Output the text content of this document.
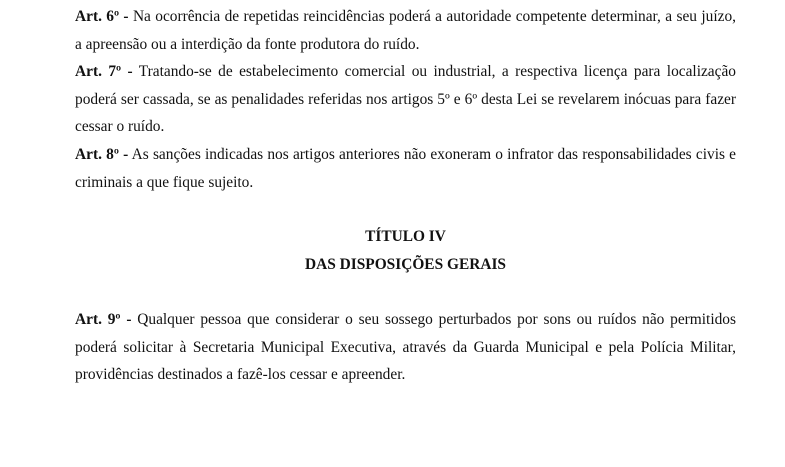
Art. 6º - Na ocorrência de repetidas reincidências poderá a autoridade competente determinar, a seu juízo, a apreensão ou a interdição da fonte produtora do ruído.

Art. 7º - Tratando-se de estabelecimento comercial ou industrial, a respectiva licença para localização poderá ser cassada, se as penalidades referidas nos artigos 5º e 6º desta Lei se revelarem inócuas para fazer cessar o ruído.

Art. 8º - As sanções indicadas nos artigos anteriores não exoneram o infrator das responsabilidades civis e criminais a que fique sujeito.

TÍTULO IV

DAS DISPOSIÇÕES GERAIS

Art. 9º - Qualquer pessoa que considerar o seu sossego perturbados por sons ou ruídos não permitidos poderá solicitar à Secretaria Municipal Executiva, através da Guarda Municipal e pela Polícia Militar, providências destinados a fazê-los cessar e apreender.
